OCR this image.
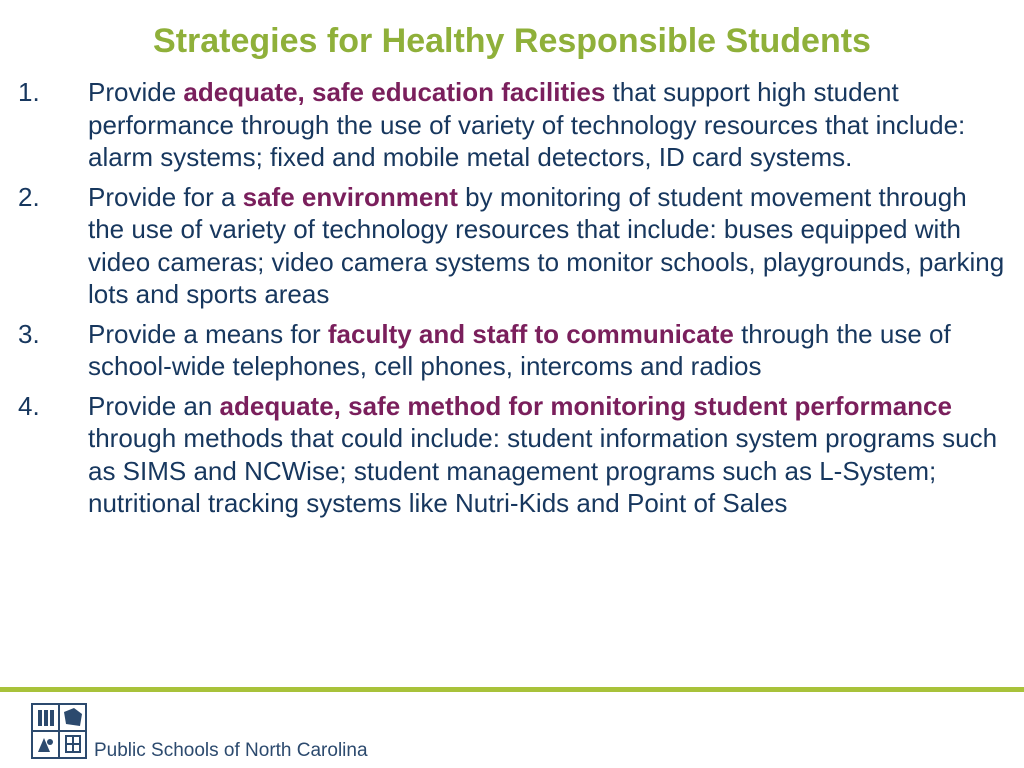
Strategies for Healthy Responsible Students
1. Provide adequate, safe education facilities that support high student performance through the use of variety of technology resources that include: alarm systems; fixed and mobile metal detectors, ID card systems.
2. Provide for a safe environment by monitoring of student movement through the use of variety of technology resources that include: buses equipped with video cameras; video camera systems to monitor schools, playgrounds, parking lots and sports areas
3. Provide a means for faculty and staff to communicate through the use of school-wide telephones, cell phones, intercoms and radios
4. Provide an adequate, safe method for monitoring student performance through methods that could include: student information system programs such as SIMS and NCWise; student management programs such as L-System; nutritional tracking systems like Nutri-Kids and Point of Sales
Public Schools of North Carolina
